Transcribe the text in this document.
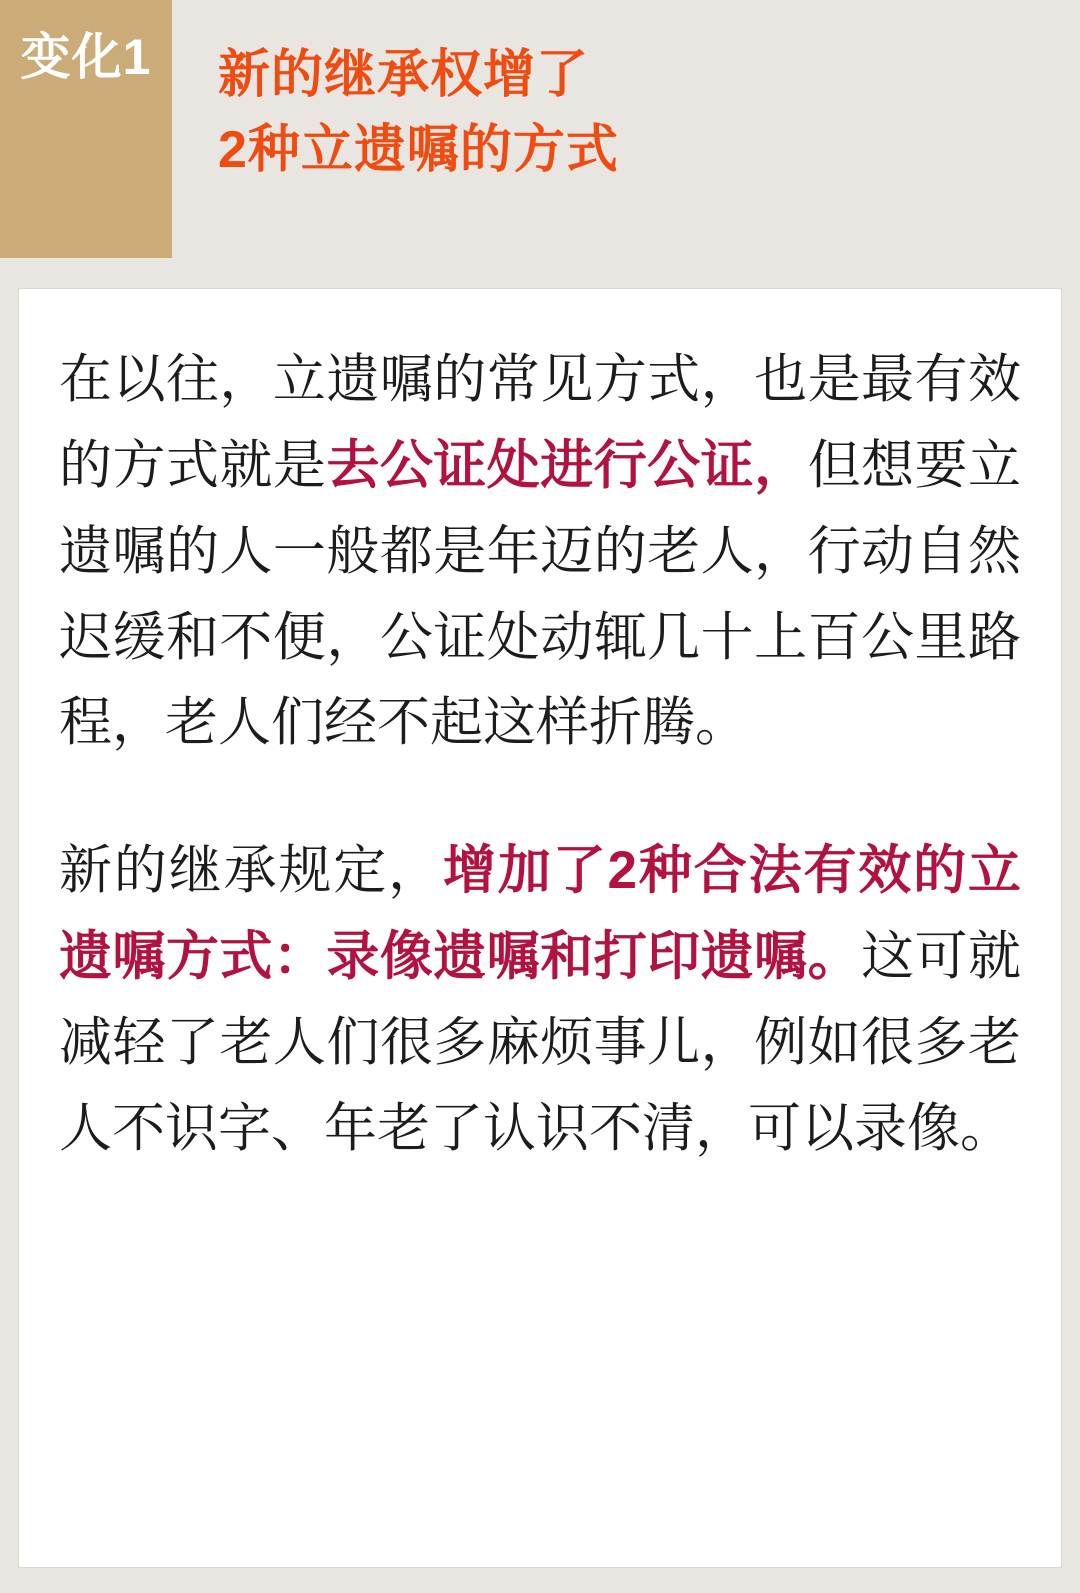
变化1 新的继承权增了
2种立遗嘱的方式

在以往，立遗嘱的常见方式，也是最有效的方式就是去公证处进行公证，但想要立遗嘱的人一般都是年迈的老人，行动自然迟缓和不便，公证处动辄几十上百公里路程，老人们经不起这样折腾。

新的继承规定，增加了2种合法有效的立遗嘱方式：录像遗嘱和打印遗嘱。这可就减轻了老人们很多麻烦事儿，例如很多老人不识字、年老了认识不清，可以录像。
